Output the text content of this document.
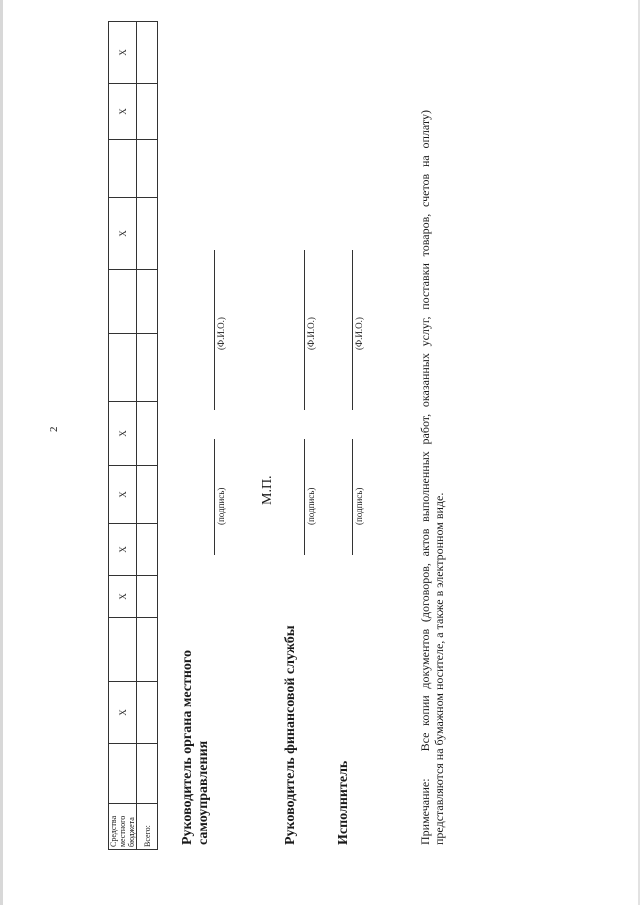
2
Средства местного бюджета		X		X	X	X	X			X		X	X
Всего:													Руководитель органа местного самоуправления
(подпись)
(Ф.И.О.)
М.П.
Руководитель финансовой службы
(подпись)
(Ф.И.О.)
Исполнитель
(подпись)
(Ф.И.О.)
Примечание:    Все копии документов (договоров, актов выполненных работ, оказанных услуг, поставки товаров, счетов на оплату) представляются на бумажном носителе, а также в электронном виде.
